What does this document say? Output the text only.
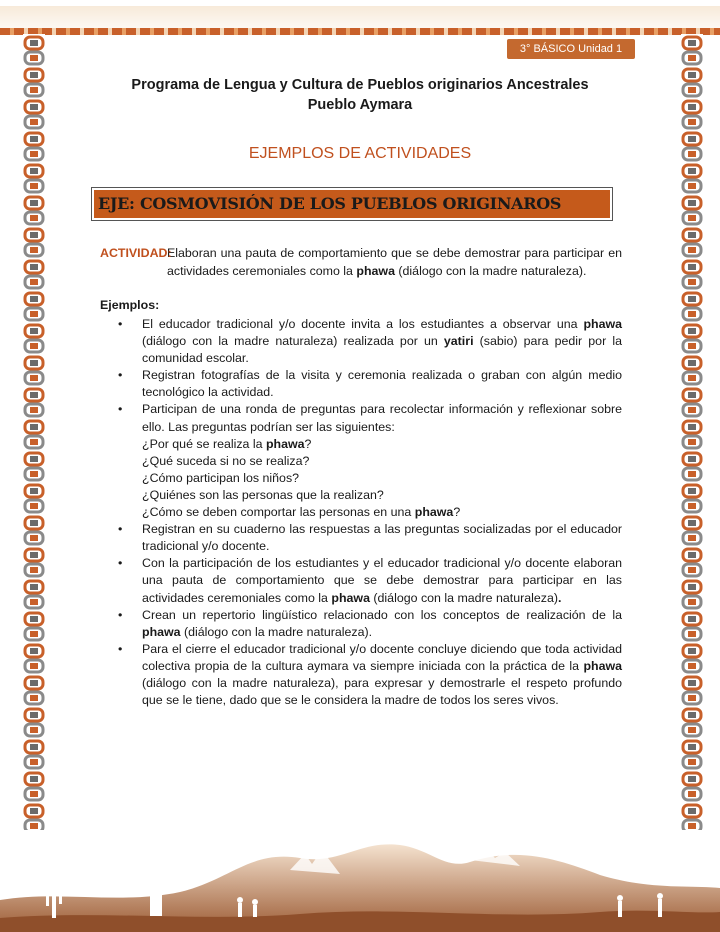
3° BÁSICO Unidad 1
Programa de Lengua y Cultura de Pueblos originarios Ancestrales
Pueblo Aymara
EJEMPLOS DE ACTIVIDADES
EJE: COSMOVISIÓN DE LOS PUEBLOS ORIGINAROS
ACTIVIDAD:
Elaboran una pauta de comportamiento que se debe demostrar para participar en actividades ceremoniales como la phawa (diálogo con la madre naturaleza).
Ejemplos:
• El educador tradicional y/o docente invita a los estudiantes a observar una phawa (diálogo con la madre naturaleza) realizada por un yatiri (sabio) para pedir por la comunidad escolar.
• Registran fotografías de la visita y ceremonia realizada o graban con algún medio tecnológico la actividad.
• Participan de una ronda de preguntas para recolectar información y reflexionar sobre ello. Las preguntas podrían ser las siguientes:
¿Por qué se realiza la phawa?
¿Qué suceda si no se realiza?
¿Cómo participan los niños?
¿Quiénes son las personas que la realizan?
¿Cómo se deben comportar las personas en una phawa?
• Registran en su cuaderno las respuestas a las preguntas socializadas por el educador tradicional y/o docente.
• Con la participación de los estudiantes y el educador tradicional y/o docente elaboran una pauta de comportamiento que se debe demostrar para participar en las actividades ceremoniales como la phawa (diálogo con la madre naturaleza).
• Crean un repertorio lingüístico relacionado con los conceptos de realización de la phawa (diálogo con la madre naturaleza).
• Para el cierre el educador tradicional y/o docente concluye diciendo que toda actividad colectiva propia de la cultura aymara va siempre iniciada con la práctica de la phawa (diálogo con la madre naturaleza), para expresar y demostrarle el respeto profundo que se le tiene, dado que se le considera la madre de todos los seres vivos.
